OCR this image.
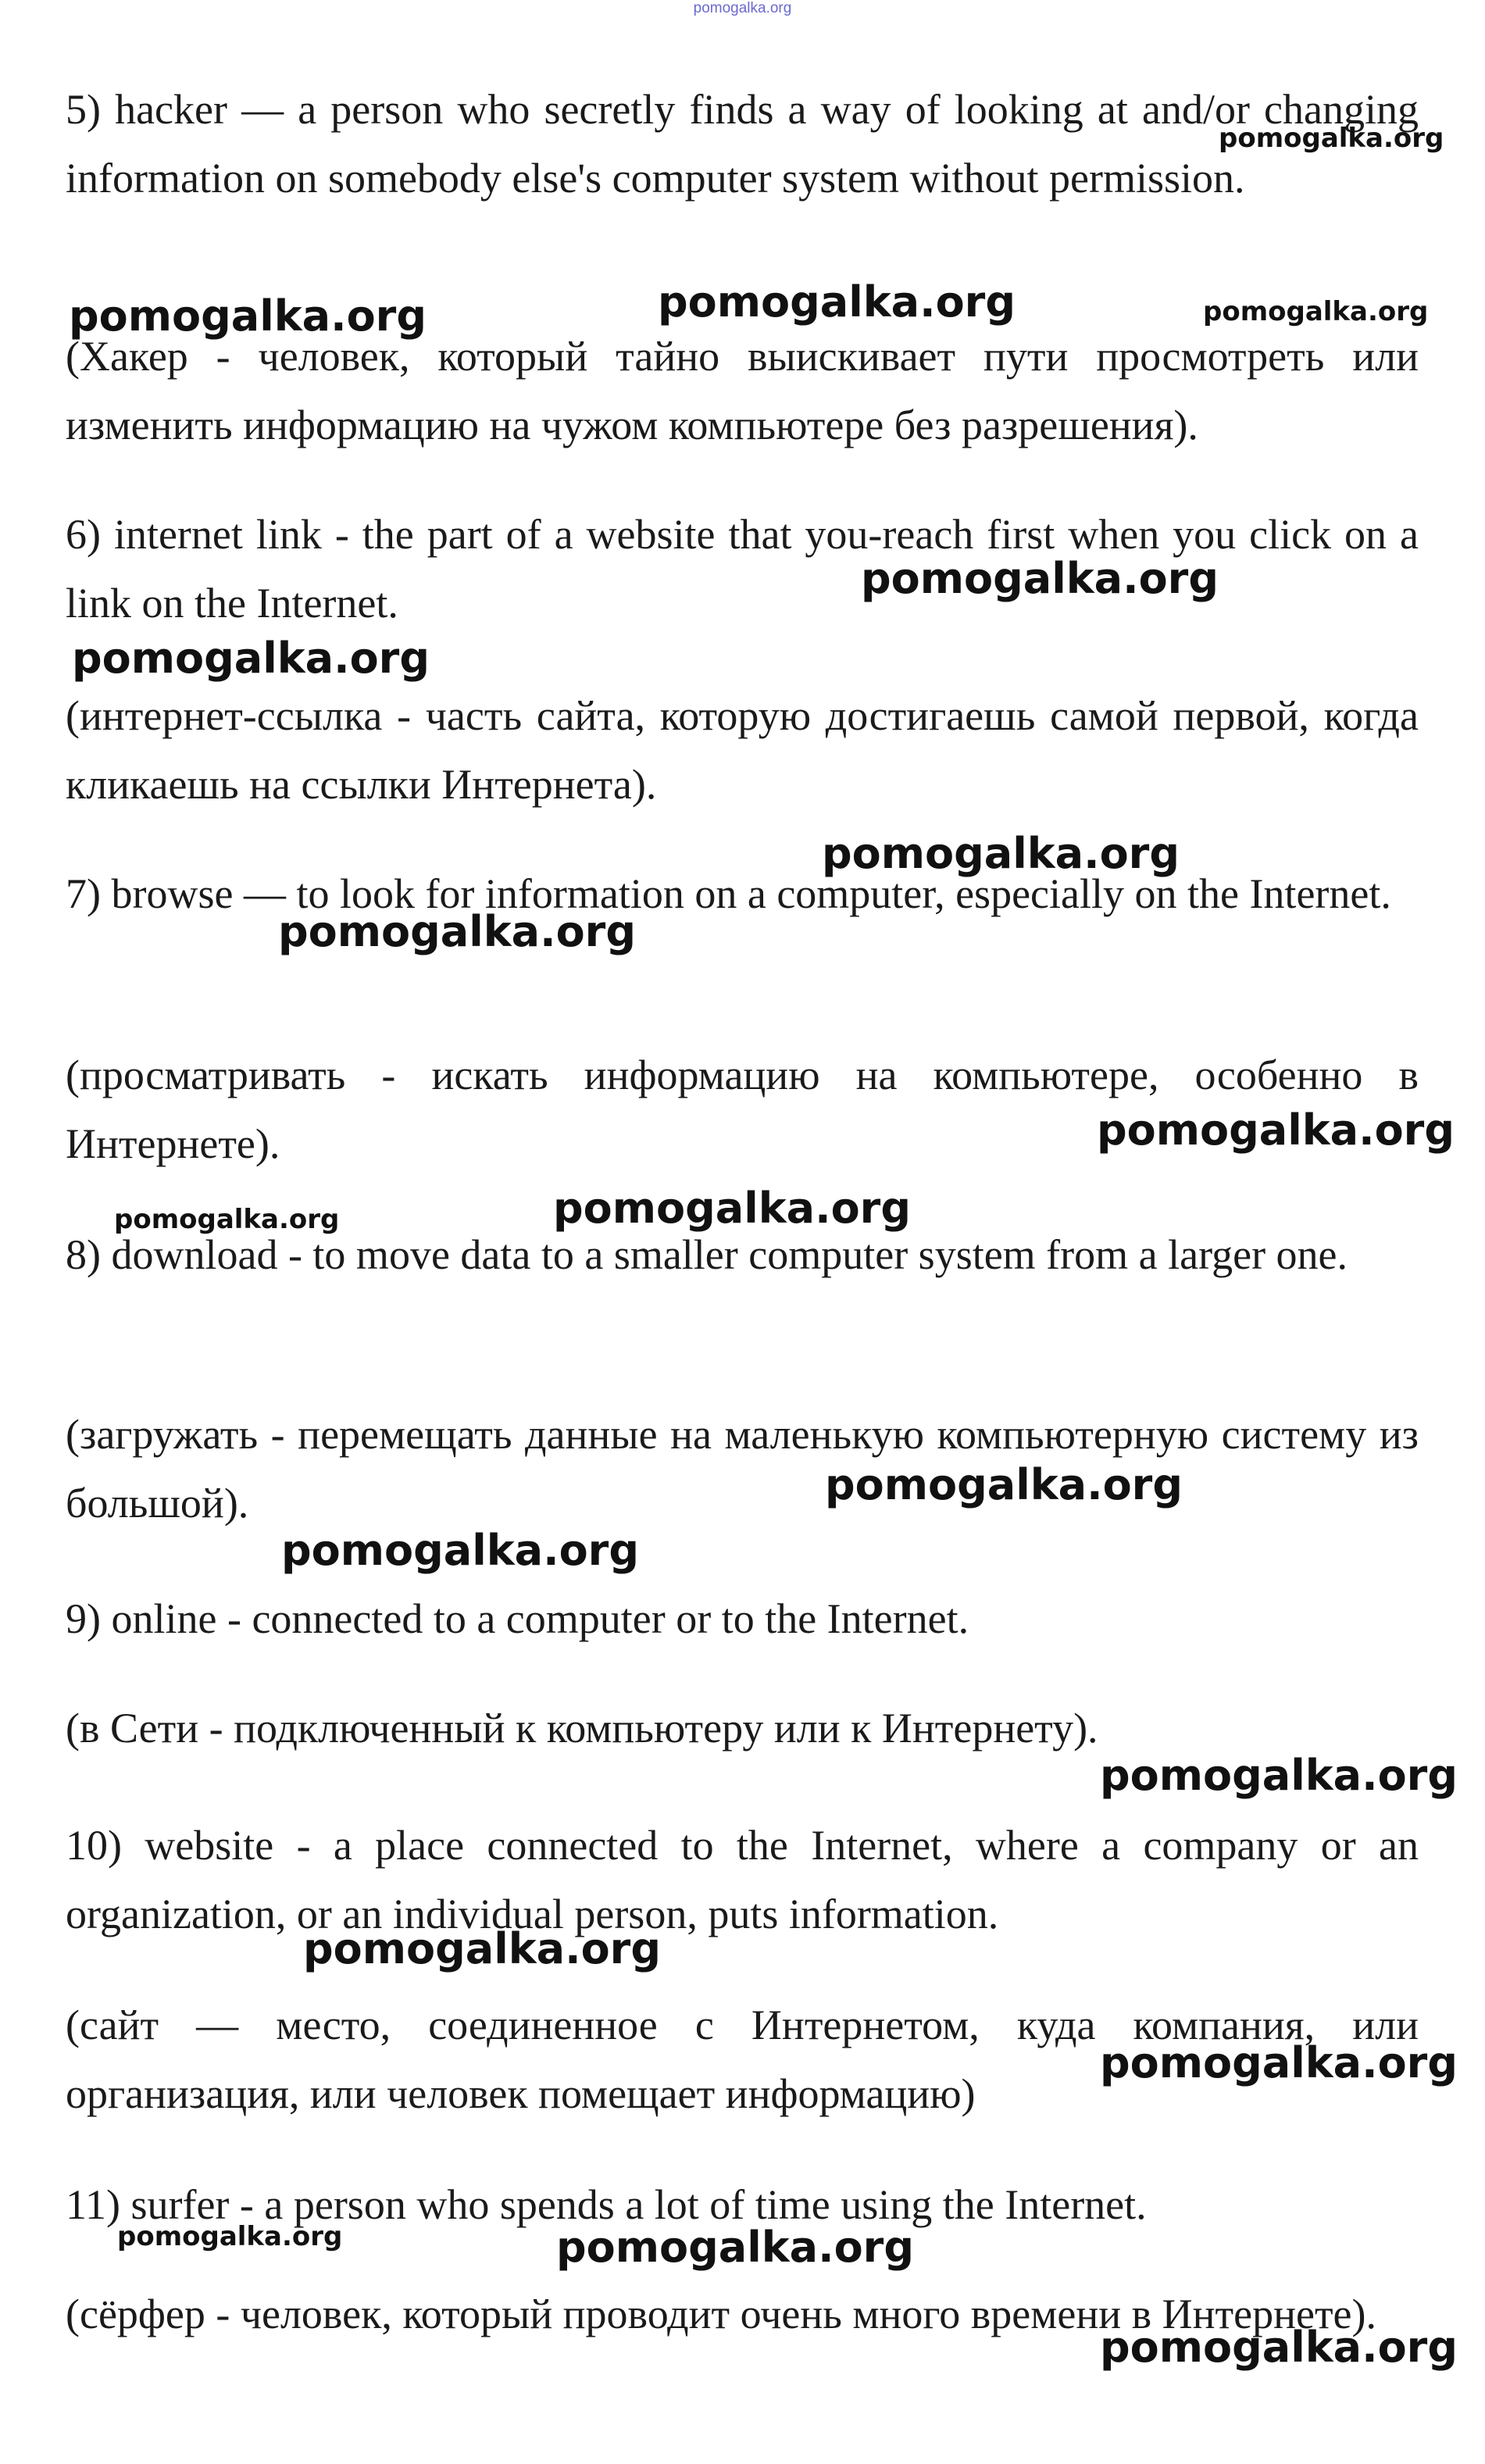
pomogalka.org

5) hacker — a person who secretly finds a way of looking at and/or changing information on somebody else's computer system without permission.

(Хакер - человек, который тайно выискивает пути просмотреть или изменить информацию на чужом компьютере без разрешения).

6) internet link - the part of a website that you-reach first when you click on a link on the Internet.

(интернет-ссылка - часть сайта, которую достигаешь самой первой, когда кликаешь на ссылки Интернета).

7) browse — to look for information on a computer, especially on the Internet.

(просматривать - искать информацию на компьютере, особенно в Интернете).

8) download - to move data to a smaller computer system from a larger one.

(загружать - перемещать данные на маленькую компьютерную систему из большой).

9) online - connected to a computer or to the Internet.

(в Сети - подключенный к компьютеру или к Интернету).

10) website - a place connected to the Internet, where a company or an organization, or an individual person, puts information.

(сайт — место, соединенное с Интернетом, куда компания, или организация, или человек помещает информацию)

11) surfer - a person who spends a lot of time using the Internet.

(сёрфер - человек, который проводит очень много времени в Интернете).

pomogalka.org
pomogalka.org	pomogalka.org	pomogalka.org
pomogalka.org
pomogalka.org
pomogalka.org
pomogalka.org
pomogalka.org
pomogalka.org	pomogalka.org
pomogalka.org
pomogalka.org
pomogalka.org
pomogalka.org
pomogalka.org
pomogalka.org	pomogalka.org
pomogalka.org
